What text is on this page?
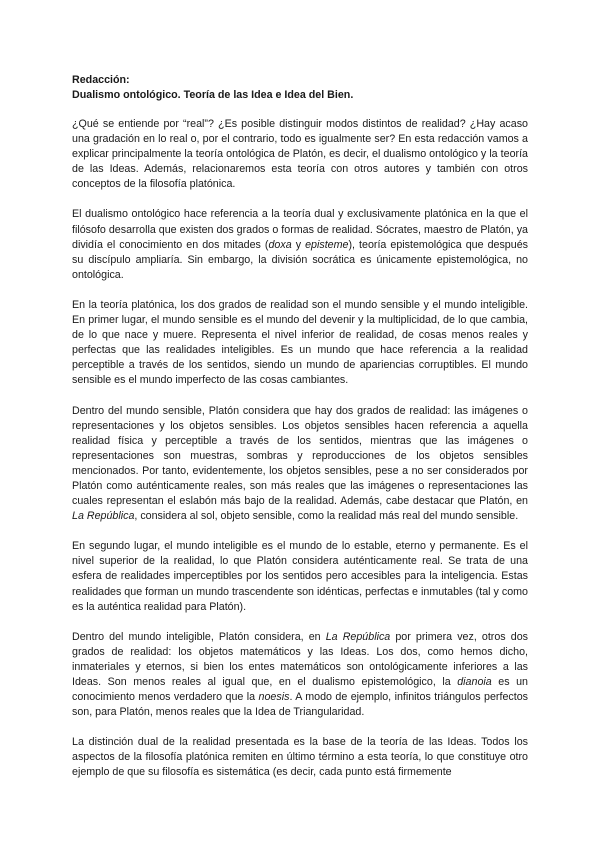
Redacción:
Dualismo ontológico. Teoría de las Idea e Idea del Bien.

¿Qué se entiende por “real”? ¿Es posible distinguir modos distintos de realidad? ¿Hay acaso una gradación en lo real o, por el contrario, todo es igualmente ser? En esta redacción vamos a explicar principalmente la teoría ontológica de Platón, es decir, el dualismo ontológico y la teoría de las Ideas. Además, relacionaremos esta teoría con otros autores y también con otros conceptos de la filosofía platónica.

El dualismo ontológico hace referencia a la teoría dual y exclusivamente platónica en la que el filósofo desarrolla que existen dos grados o formas de realidad. Sócrates, maestro de Platón, ya dividía el conocimiento en dos mitades (doxa y episteme), teoría epistemológica que después su discípulo ampliaría. Sin embargo, la división socrática es únicamente epistemológica, no ontológica.

En la teoría platónica, los dos grados de realidad son el mundo sensible y el mundo inteligible. En primer lugar, el mundo sensible es el mundo del devenir y la multiplicidad, de lo que cambia, de lo que nace y muere. Representa el nivel inferior de realidad, de cosas menos reales y perfectas que las realidades inteligibles. Es un mundo que hace referencia a la realidad perceptible a través de los sentidos, siendo un mundo de apariencias corruptibles. El mundo sensible es el mundo imperfecto de las cosas cambiantes.

Dentro del mundo sensible, Platón considera que hay dos grados de realidad: las imágenes o representaciones y los objetos sensibles. Los objetos sensibles hacen referencia a aquella realidad física y perceptible a través de los sentidos, mientras que las imágenes o representaciones son muestras, sombras y reproducciones de los objetos sensibles mencionados. Por tanto, evidentemente, los objetos sensibles, pese a no ser considerados por Platón como auténticamente reales, son más reales que las imágenes o representaciones las cuales representan el eslabón más bajo de la realidad. Además, cabe destacar que Platón, en La República, considera al sol, objeto sensible, como la realidad más real del mundo sensible.

En segundo lugar, el mundo inteligible es el mundo de lo estable, eterno y permanente. Es el nivel superior de la realidad, lo que Platón considera auténticamente real. Se trata de una esfera de realidades imperceptibles por los sentidos pero accesibles para la inteligencia. Estas realidades que forman un mundo trascendente son idénticas, perfectas e inmutables (tal y como es la auténtica realidad para Platón).

Dentro del mundo inteligible, Platón considera, en La República por primera vez, otros dos grados de realidad: los objetos matemáticos y las Ideas. Los dos, como hemos dicho, inmateriales y eternos, si bien los entes matemáticos son ontológicamente inferiores a las Ideas. Son menos reales al igual que, en el dualismo epistemológico, la dianoia es un conocimiento menos verdadero que la noesis. A modo de ejemplo, infinitos triángulos perfectos son, para Platón, menos reales que la Idea de Triangularidad.

La distinción dual de la realidad presentada es la base de la teoría de las Ideas. Todos los aspectos de la filosofía platónica remiten en último término a esta teoría, lo que constituye otro ejemplo de que su filosofía es sistemática (es decir, cada punto está firmemente
